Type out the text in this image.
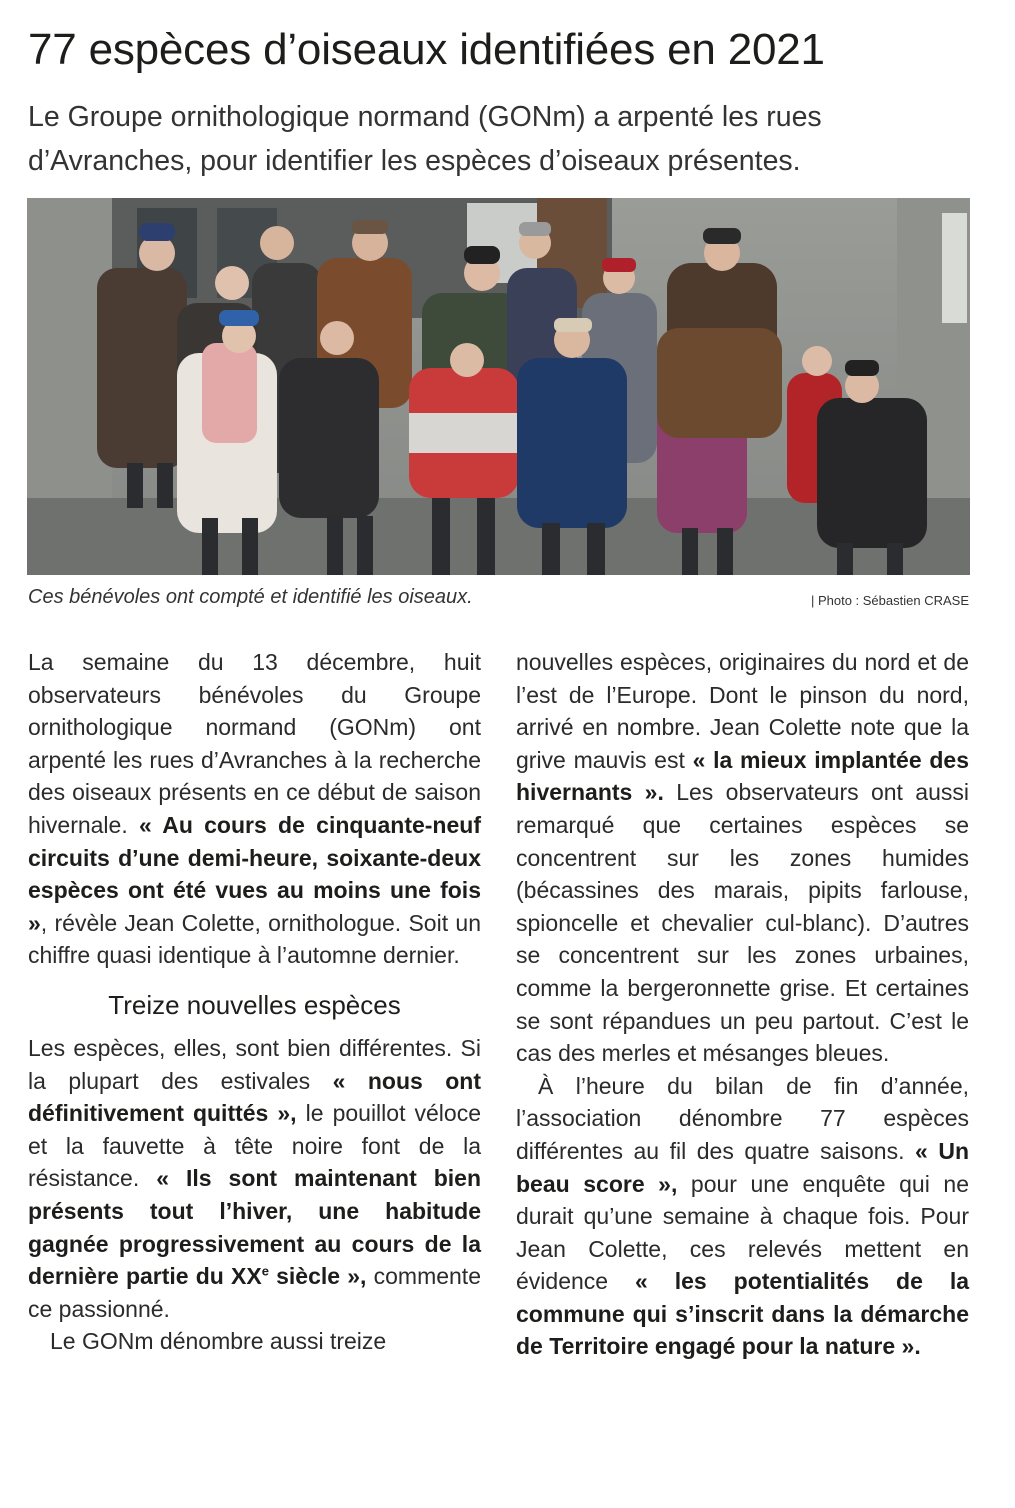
77 espèces d’oiseaux identifiées en 2021

Le Groupe ornithologique normand (GONm) a arpenté les rues d’Avranches, pour identifier les espèces d’oiseaux présentes.

Ces bénévoles ont compté et identifié les oiseaux.	| Photo : Sébastien CRASE

La semaine du 13 décembre, huit observateurs bénévoles du Groupe ornithologique normand (GONm) ont arpenté les rues d’Avranches à la recherche des oiseaux présents en ce début de saison hivernale. « Au cours de cinquante-neuf circuits d’une demi-heure, soixante-deux espèces ont été vues au moins une fois », révèle Jean Colette, ornithologue. Soit un chiffre quasi identique à l’automne dernier.

Treize nouvelles espèces

Les espèces, elles, sont bien différentes. Si la plupart des estivales « nous ont définitivement quittés », le pouillot véloce et la fauvette à tête noire font de la résistance. « Ils sont maintenant bien présents tout l’hiver, une habitude gagnée progressivement au cours de la dernière partie du XXe siècle », commente ce passionné.

Le GONm dénombre aussi treize

nouvelles espèces, originaires du nord et de l’est de l’Europe. Dont le pinson du nord, arrivé en nombre. Jean Colette note que la grive mauvis est « la mieux implantée des hivernants ». Les observateurs ont aussi remarqué que certaines espèces se concentrent sur les zones humides (bécassines des marais, pipits farlouse, spioncelle et chevalier cul-blanc). D’autres se concentrent sur les zones urbaines, comme la bergeronnette grise. Et certaines se sont répandues un peu partout. C’est le cas des merles et mésanges bleues.

À l’heure du bilan de fin d’année, l’association dénombre 77 espèces différentes au fil des quatre saisons. « Un beau score », pour une enquête qui ne durait qu’une semaine à chaque fois. Pour Jean Colette, ces relevés mettent en évidence « les potentialités de la commune qui s’inscrit dans la démarche de Territoire engagé pour la nature ».
